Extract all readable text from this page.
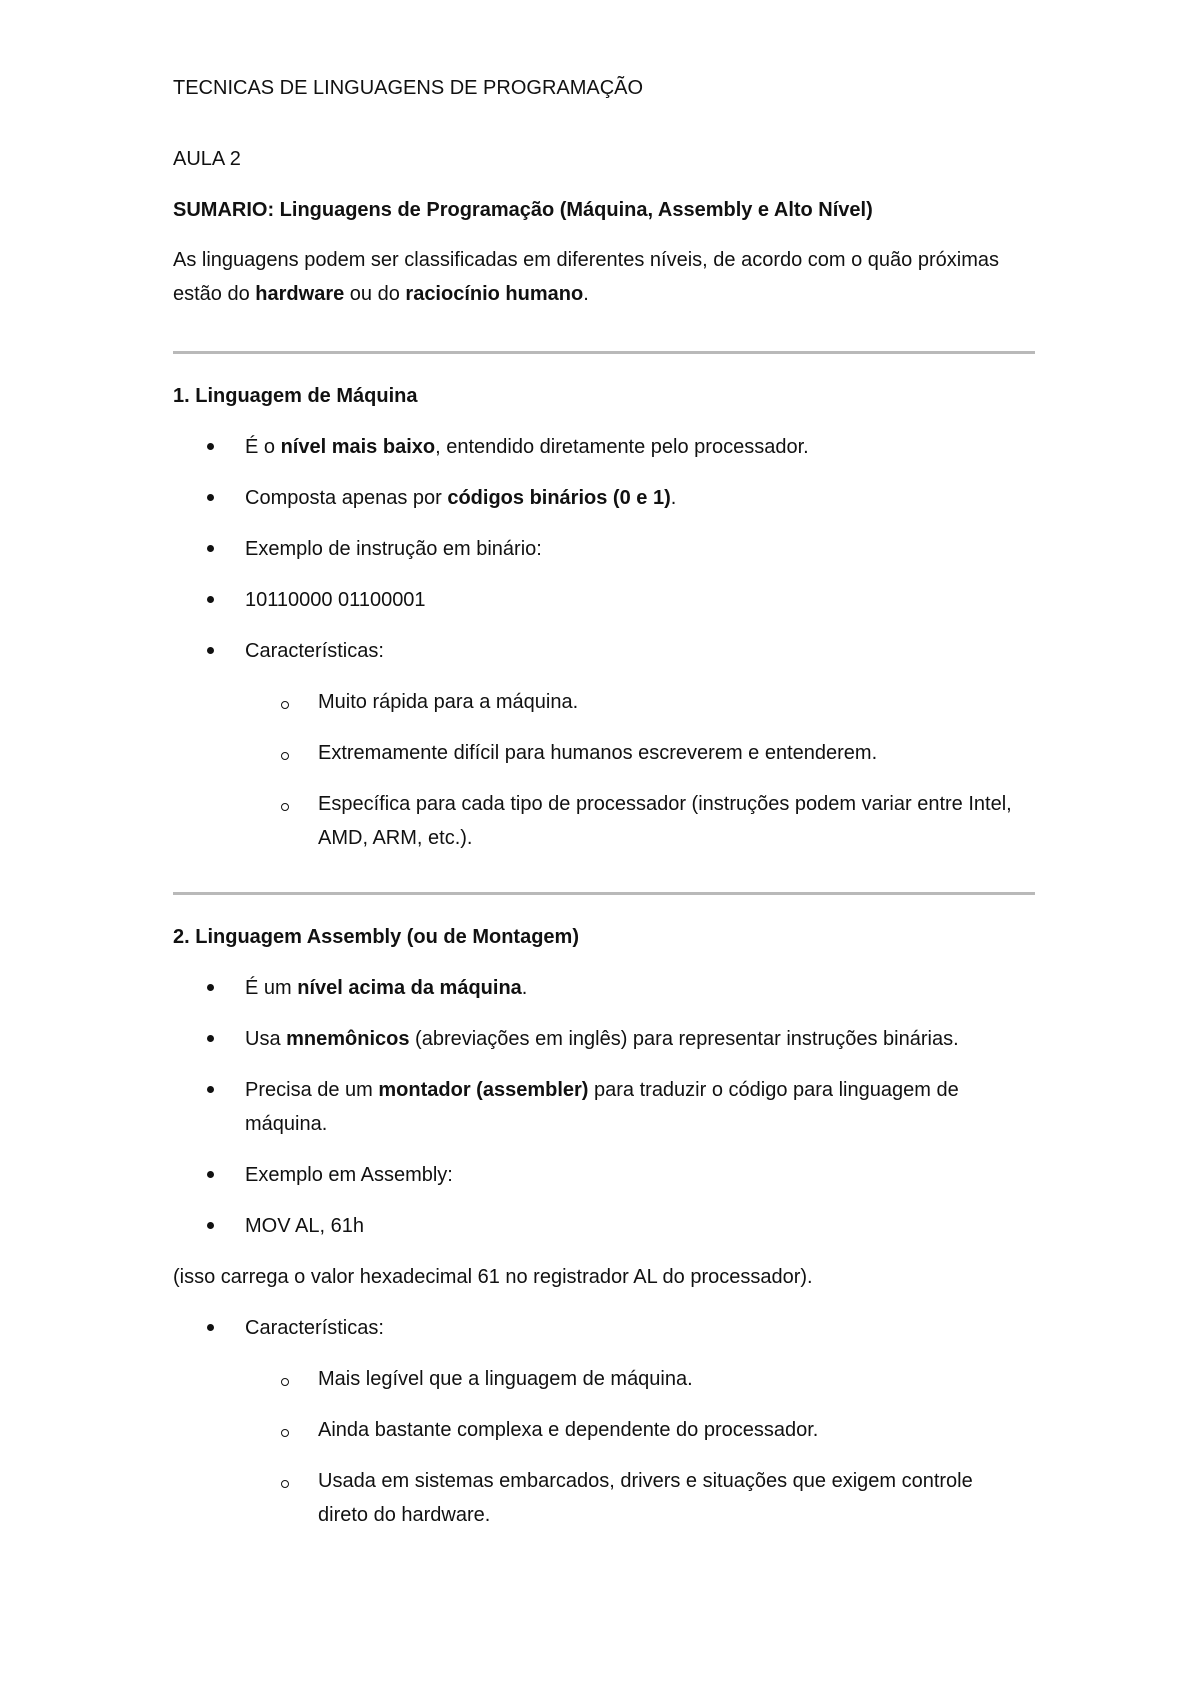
TECNICAS DE LINGUAGENS DE PROGRAMAÇÃO
AULA 2
SUMARIO: Linguagens de Programação (Máquina, Assembly e Alto Nível)
As linguagens podem ser classificadas em diferentes níveis, de acordo com o quão próximas estão do hardware ou do raciocínio humano.
1. Linguagem de Máquina
É o nível mais baixo, entendido diretamente pelo processador.
Composta apenas por códigos binários (0 e 1).
Exemplo de instrução em binário:
10110000 01100001
Características:
Muito rápida para a máquina.
Extremamente difícil para humanos escreverem e entenderem.
Específica para cada tipo de processador (instruções podem variar entre Intel, AMD, ARM, etc.).
2. Linguagem Assembly (ou de Montagem)
É um nível acima da máquina.
Usa mnemônicos (abreviações em inglês) para representar instruções binárias.
Precisa de um montador (assembler) para traduzir o código para linguagem de máquina.
Exemplo em Assembly:
MOV AL, 61h
(isso carrega o valor hexadecimal 61 no registrador AL do processador).
Características:
Mais legível que a linguagem de máquina.
Ainda bastante complexa e dependente do processador.
Usada em sistemas embarcados, drivers e situações que exigem controle direto do hardware.
